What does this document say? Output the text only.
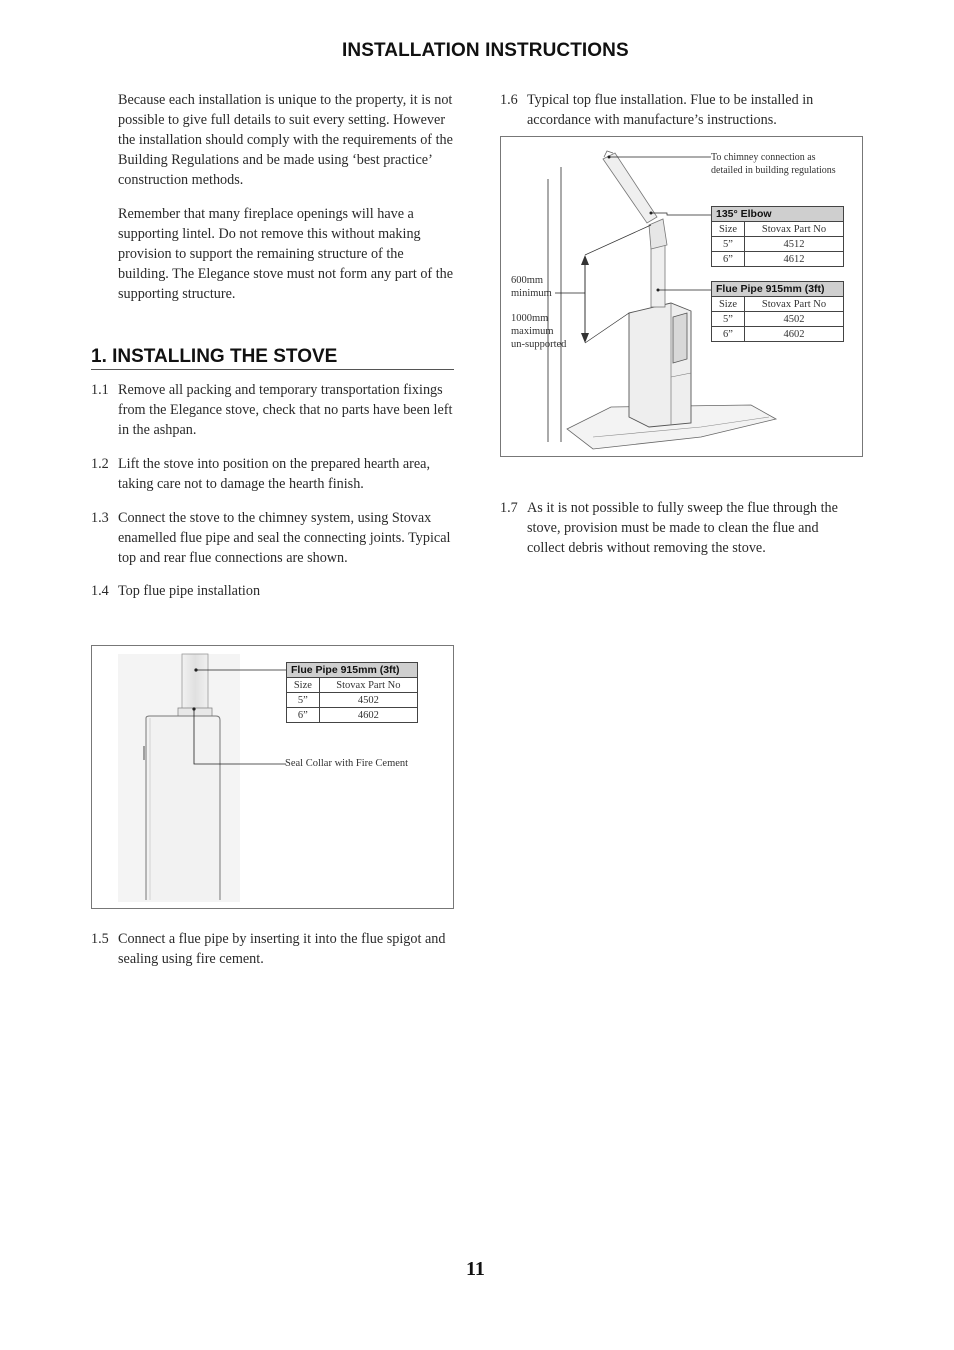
INSTALLATION INSTRUCTIONS
Because each installation is unique to the property, it is not possible to give full details to suit every setting. However the installation should comply with the requirements of the Building Regulations and be made using ‘best practice’ construction methods.
Remember that many fireplace openings will have a supporting lintel. Do not remove this without making provision to support the remaining structure of the building. The Elegance stove must not form any part of the supporting structure.
1. INSTALLING THE STOVE
1.1 Remove all packing and temporary transportation fixings from the Elegance stove, check that no parts have been left in the ashpan.
1.2 Lift the stove into position on the prepared hearth area, taking care not to damage the hearth finish.
1.3 Connect the stove to the chimney system, using Stovax enamelled flue pipe and seal the connecting joints. Typical top and rear flue connections are shown.
1.4 Top flue pipe installation
Flue Pipe 915mm (3ft)	
Size	Stovax Part No
5”	4502
6”	4602
Seal Collar with Fire Cement
1.5 Connect a flue pipe by inserting it into the flue spigot and sealing using fire cement.
1.6 Typical top flue installation. Flue to be installed in accordance with manufacture’s instructions.
To chimney connection as
detailed in building regulations
135° Elbow	
Size	Stovax Part No
5”	4512
6”	4612
Flue Pipe 915mm (3ft)	
Size	Stovax Part No
5”	4502
6”	4602
600mm
minimum
1000mm
maximum
un-supported
1.7 As it is not possible to fully sweep the flue through the stove, provision must be made to clean the flue and collect debris without removing the stove.
11
